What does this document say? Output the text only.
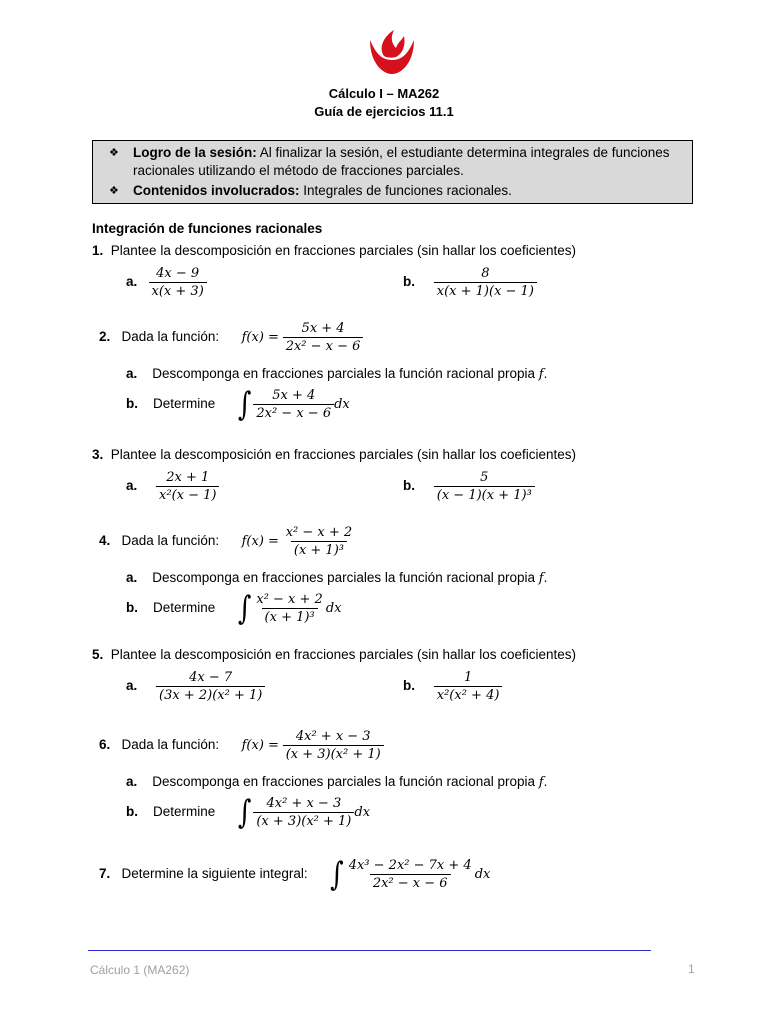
Cálculo I – MA262
Guía de ejercicios 11.1
❖ Logro de la sesión: Al finalizar la sesión, el estudiante determina integrales de funciones racionales utilizando el método de fracciones parciales.
❖ Contenidos involucrados: Integrales de funciones racionales.
Integración de funciones racionales
1. Plantee la descomposición en fracciones parciales (sin hallar los coeficientes)
a. $\frac{4x - 9}{x(x + 3)}$	b. $\frac{8}{x(x + 1)(x - 1)}$
2. Dada la función: $f(x) = \frac{5x + 4}{\text{2x² − x − 6}}$
a. Descomponga en fracciones parciales la función racional propia f.
b. Determine ∫ $\frac{5x + 4}{\text{2x² − x − 6}}$ dx
3. Plantee la descomposición en fracciones parciales (sin hallar los coeficientes)
a. $\frac{2x + 1}{\text{x²(x − 1)}}$	b. $\frac{5}{\text{(x − 1)(x + 1)³}}$
4. Dada la función: $f(x) = \frac{\text{x² − x + 2}}{\text{(x + 1)³}}$
a. Descomponga en fracciones parciales la función racional propia f.
b. Determine ∫ $\frac{\text{x² − x + 2}}{\text{(x + 1)³}}$ dx
5. Plantee la descomposición en fracciones parciales (sin hallar los coeficientes)
a. $\frac{4x - 7}{\text{(3x + 2)(x² + 1)}}$	b. $\frac{1}{\text{x²(x² + 4)}}$
6. Dada la función: $f(x) = \frac{\text{4x² + x − 3}}{\text{(x + 3)(x² + 1)}}$
a. Descomponga en fracciones parciales la función racional propia f.
b. Determine ∫ $\frac{\text{4x² + x − 3}}{\text{(x + 3)(x² + 1)}}$ dx
7. Determine la siguiente integral: ∫ $\frac{\text{4x³ − 2x² − 7x + 4}}{\text{2x² − x − 6}}$ dx
Cálculo 1 (MA262)	1
